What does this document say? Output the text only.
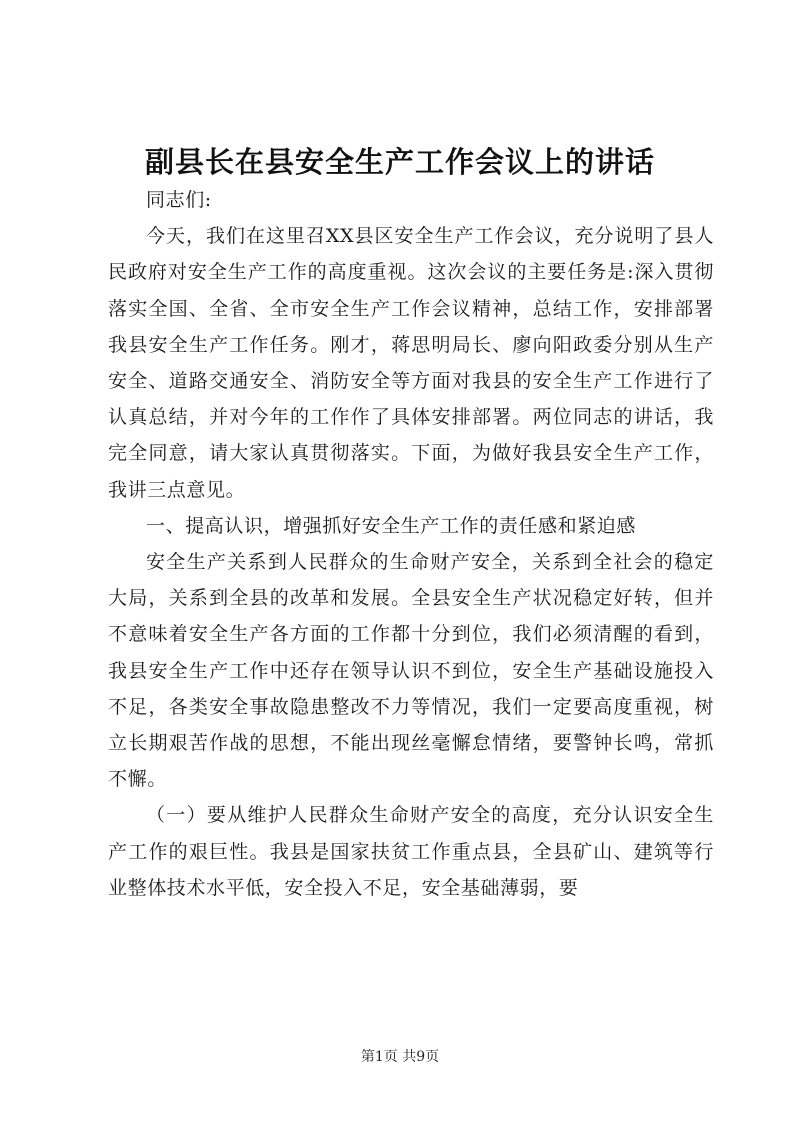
副县长在县安全生产工作会议上的讲话

同志们:

今天，我们在这里召XX县区安全生产工作会议，充分说明了县人民政府对安全生产工作的高度重视。这次会议的主要任务是:深入贯彻落实全国、全省、全市安全生产工作会议精神，总结工作，安排部署我县安全生产工作任务。刚才，蒋思明局长、廖向阳政委分别从生产安全、道路交通安全、消防安全等方面对我县的安全生产工作进行了认真总结，并对今年的工作作了具体安排部署。两位同志的讲话，我完全同意，请大家认真贯彻落实。下面，为做好我县安全生产工作，我讲三点意见。

一、提高认识，增强抓好安全生产工作的责任感和紧迫感

安全生产关系到人民群众的生命财产安全，关系到全社会的稳定大局，关系到全县的改革和发展。全县安全生产状况稳定好转，但并不意味着安全生产各方面的工作都十分到位，我们必须清醒的看到，我县安全生产工作中还存在领导认识不到位，安全生产基础设施投入不足，各类安全事故隐患整改不力等情况，我们一定要高度重视，树立长期艰苦作战的思想，不能出现丝毫懈怠情绪，要警钟长鸣，常抓不懈。

（一）要从维护人民群众生命财产安全的高度，充分认识安全生产工作的艰巨性。我县是国家扶贫工作重点县，全县矿山、建筑等行业整体技术水平低，安全投入不足，安全基础薄弱，要

第1页 共9页
